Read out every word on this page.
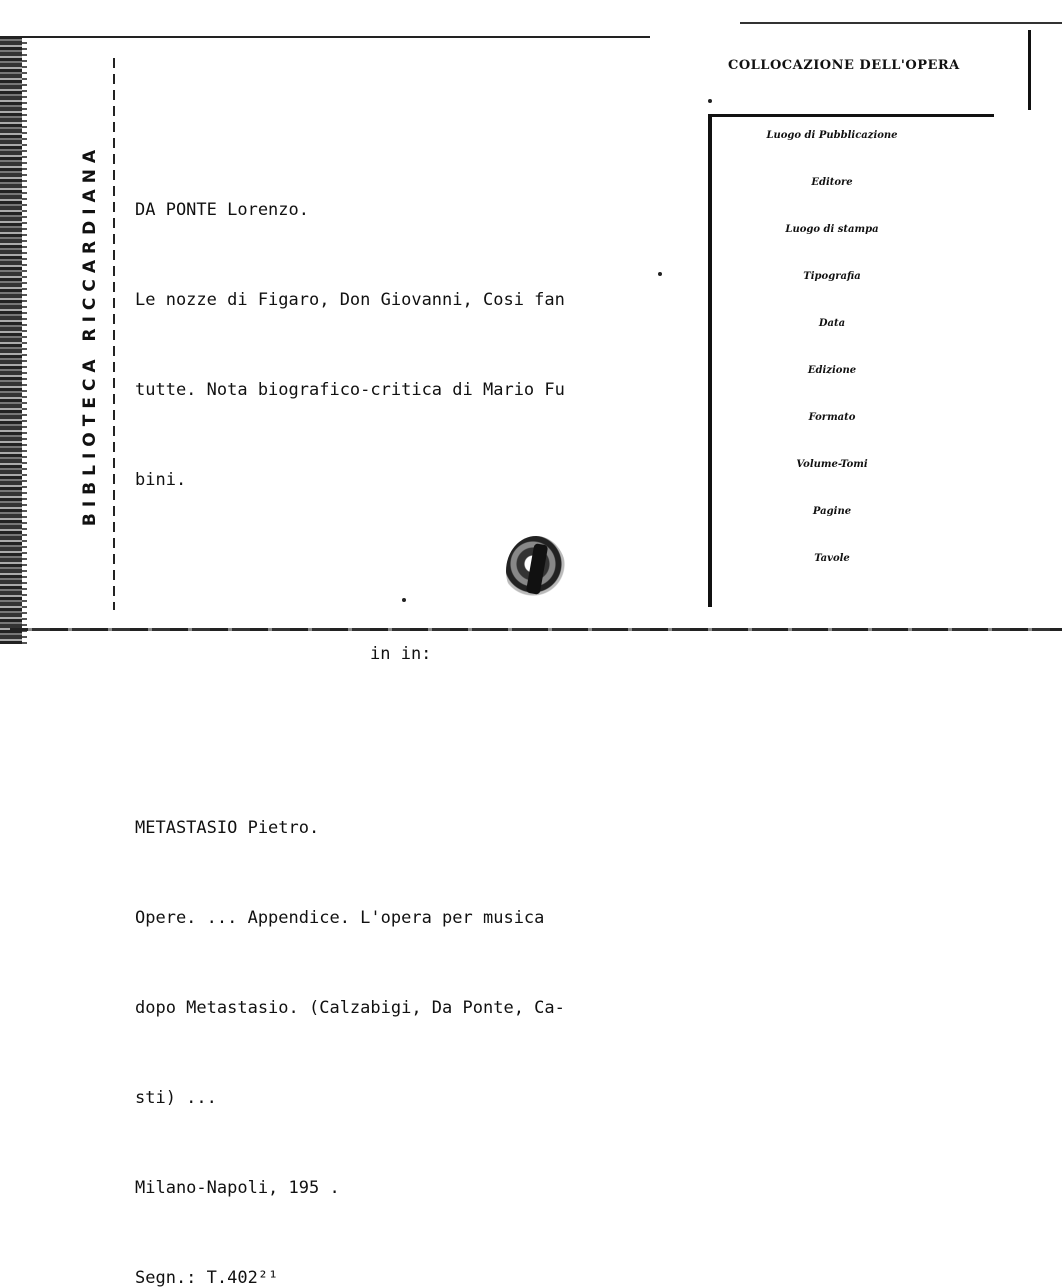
BIBLIOTECA RICCARDIANA

DA PONTE Lorenzo.

Le nozze di Figaro, Don Giovanni, Cosi fan

tutte. Nota biografico-critica di Mario Fu

bini.

in in:

METASTASIO Pietro.

Opere. ... Appendice. L'opera per musica

dopo Metastasio. (Calzabigi, Da Ponte, Ca-

sti) ...

Milano-Napoli, 195 .

Segn.: T.402²¹

COLLOCAZIONE DELL'OPERA
Luogo di Pubblicazione
Editore
Luogo di stampa
Tipografia
Data
Edizione
Formato
Volume-Tomi
Pagine
Tavole
